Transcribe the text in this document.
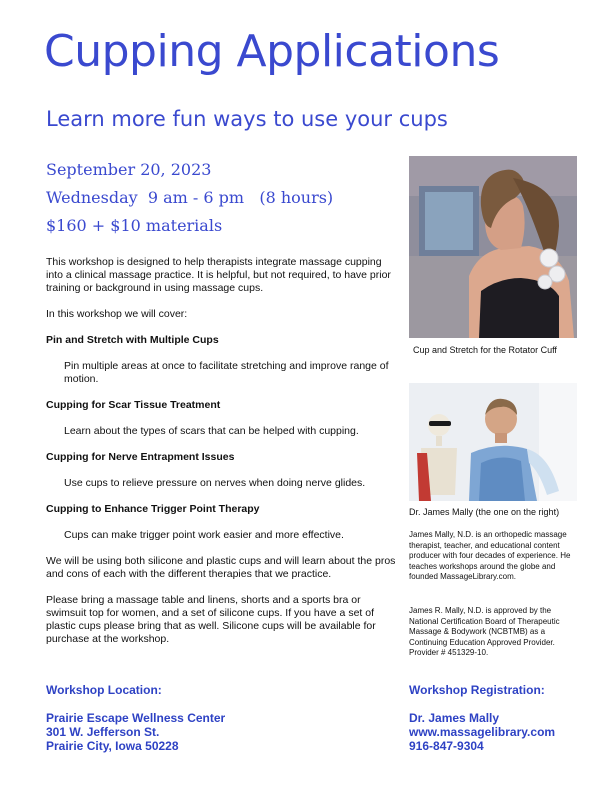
Cupping Applications
Learn more fun ways to use your cups
September 20, 2023
Wednesday  9 am - 6 pm   (8 hours)
$160 + $10 materials

This workshop is designed to help therapists integrate massage cupping into a clinical massage practice. It is helpful, but not required, to have prior training or background in using massage cups.

In this workshop we will cover:

Pin and Stretch with Multiple Cups

Pin multiple areas at once to facilitate stretching and improve range of motion.

Cupping for Scar Tissue Treatment

Learn about the types of scars that can be helped with cupping.

Cupping for Nerve Entrapment Issues

Use cups to relieve pressure on nerves when doing nerve glides.

Cupping to Enhance Trigger Point Therapy

Cups can make trigger point work easier and more effective.

We will be using both silicone and plastic cups and will learn about the pros and cons of each with the different therapies that we practice.

Please bring a massage table and linens, shorts and a sports bra or swimsuit top for women, and a set of silicone cups. If you have a set of plastic cups please bring that as well. Silicone cups will be available for purchase at the workshop.

Cup and Stretch for the Rotator Cuff
Dr. James Mally (the one on the right)

James Mally, N.D. is an orthopedic massage therapist, teacher, and educational content producer with four decades of experience. He teaches workshops around the globe and founded MassageLibrary.com.

James R. Mally, N.D. is approved by the National Certification Board of Therapeutic Massage & Bodywork (NCBTMB) as a Continuing Education Approved Provider. Provider # 451329-10.

Workshop Location:

Prairie Escape Wellness Center

301 W. Jefferson St.

Prairie City, Iowa 50228

Workshop Registration:

Dr. James Mally

www.massagelibrary.com

916-847-9304
